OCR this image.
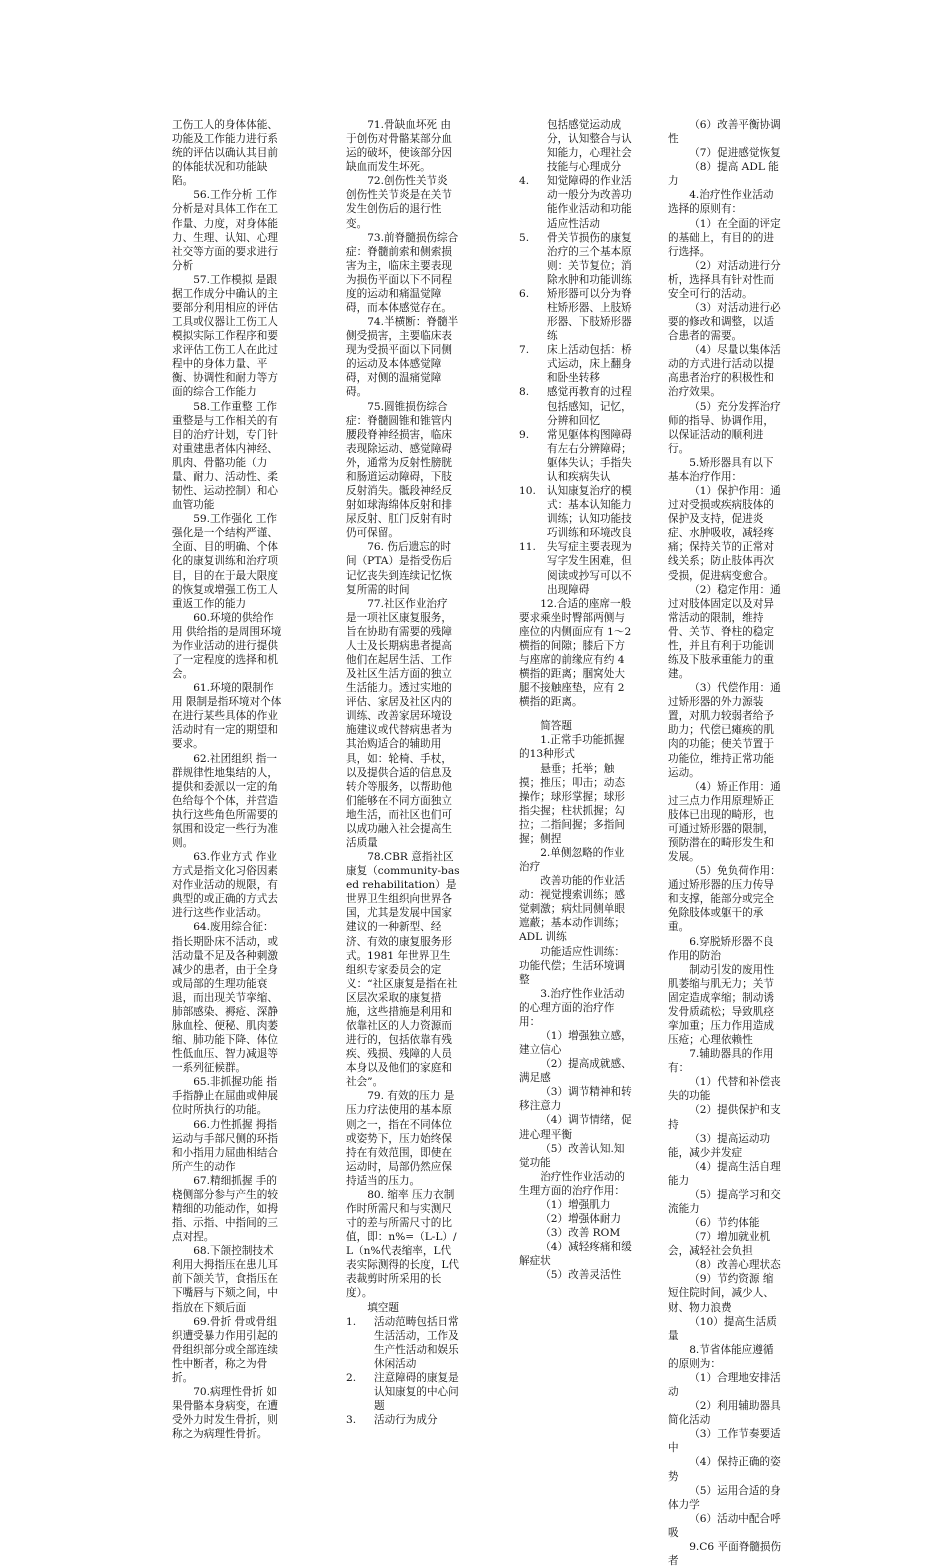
工伤工人的身体体能、功能及工作能力进行系统的评估以确认其目前的体能状况和功能缺陷。

56.工作分析 工作分析是对具体工作在工作量、力度，对身体能力、生理、认知、心理社交等方面的要求进行分析

57.工作模拟 是跟据工作成分中确认的主要部分利用相应的评估工具或仪器让工伤工人模拟实际工作程序和要求评估工伤工人在此过程中的身体力量、平衡、协调性和耐力等方面的综合工作能力

58.工作重整 工作重整是与工作相关的有目的治疗计划，专门针对重建患者体内神经、肌肉、骨骼功能（力量、耐力、活动性、柔韧性、运动控制）和心血管功能

59.工作强化 工作强化是一个结构严谨、全面、目的明确、个体化的康复训练和治疗项目，目的在于最大限度的恢复或增强工伤工人重返工作的能力

60.环境的供给作用 供给指的是周围环境为作业活动的进行提供了一定程度的选择和机会。

61.环境的限制作用 限制是指环境对个体在进行某些具体的作业活动时有一定的期望和要求。

62.社团组织 指一群规律性地集结的人，提供和委派以一定的角色给每个个体，并营造执行这些角色所需要的氛围和设定一些行为准则。

63.作业方式 作业方式是指文化习俗因素对作业活动的规限，有典型的或正确的方式去进行这些作业活动。

64.废用综合征：指长期卧床不活动，或活动量不足及各种刺激减少的患者，由于全身或局部的生理功能衰退，而出现关节挛缩、肺部感染、褥疮、深静脉血栓、便秘、肌肉萎缩、肺功能下降、体位性低血压、智力减退等一系列征候群。

65.非抓握功能 指手指静止在屈曲或伸展位时所执行的功能。

66.力性抓握 拇指运动与手部尺侧的环指和小指用力屈曲相结合所产生的动作

67.精细抓握 手的桡侧部分参与产生的较精细的功能动作，如拇指、示指、中指间的三点对捏。

68.下颌控制技术 利用大拇指压在患儿耳前下颌关节，食指压在下嘴唇与下颏之间，中指放在下颏后面

69.骨折 骨或骨组织遭受暴力作用引起的骨组织部分或全部连续性中断者，称之为骨折。

70.病理性骨折 如果骨骼本身病变，在遭受外力时发生骨折，则称之为病理性骨折。

71.骨缺血坏死 由于创伤对骨骼某部分血运的破坏，使该部分因缺血而发生坏死。

72.创伤性关节炎 创伤性关节炎是在关节发生创伤后的退行性变。

73.前脊髓损伤综合症：脊髓前索和侧索损害为主，临床主要表现为损伤平面以下不同程度的运动和痛温觉障碍，而本体感觉存在。

74.半横断：脊髓半侧受损害，主要临床表现为受损平面以下同侧的运动及本体感觉障碍，对侧的温痛觉障碍。

75.圆锥损伤综合症：脊髓圆锥和锥管内腰段脊神经损害，临床表现除运动、感觉障碍外，通常为反射性膀胱和肠道运动障碍，下肢反射消失。骶段神经反射如球海绵体反射和排尿反射、肛门反射有时仍可保留。

76. 伤后遗忘的时间（PTA）是指受伤后记忆丧失到连续记忆恢复所需的时间

77.社区作业治疗 是一项社区康复服务，旨在协助有需要的残障人士及长期病患者提高他们在起居生活、工作及社区生活方面的独立生活能力。透过实地的评估、家居及社区内的训练、改善家居环境设施建议或代替病患者为其治购适合的辅助用具，如：轮椅、手杖，以及提供合适的信息及转介等服务，以帮助他们能够在不同方面独立地生活，而社区也们可以成功融入社会提高生活质量

78.CBR 意指社区康复（community-based rehabilitation）是世界卫生组织向世界各国，尤其是发展中国家建议的一种新型、经济、有效的康复服务形式。1981 年世界卫生组织专家委员会的定义：“社区康复是指在社区层次采取的康复措施，这些措施是利用和依靠社区的人力资源而进行的，包括依靠有残疾、残损、残障的人员本身以及他们的家庭和社会”。

79. 有效的压力 是压力疗法使用的基本原则之一，指在不同体位或姿势下，压力始终保持在有效范围，即使在运动时，局部仍然应保持适当的压力。

80. 缩率 压力衣制作时所需尺和与实测尺寸的差与所需尺寸的比值，即：n%=（L-L）/L（n%代表缩率，L代表实际测得的长度，L代表裁剪时所采用的长度）。

填空题

1.	活动范畴包括日常生活活动，工作及生产性活动和娱乐休闲活动
2.	注意障碍的康复是认知康复的中心问题
3.	活动行为成分

包括感觉运动成分，认知整合与认知能力，心理社会技能与心理成分

4.	知觉障碍的作业活动一般分为改善功能作业活动和功能适应性活动
5.	骨关节损伤的康复治疗的三个基本原则：关节复位；消除水肿和功能训练
6.	矫形器可以分为脊柱矫形器、上肢矫形器、下肢矫形器练
7.	床上活动包括：桥式运动，床上翻身和卧坐转移
8.	感觉再教育的过程包括感知，记忆，分辨和回忆
9.	常见躯体构图障碍有左右分辨障碍；躯体失认；手指失认和疾病失认
10.	认知康复治疗的模式：基本认知能力训练；认知功能技巧训练和环境改良
11.	失写症主要表现为写字发生困难，但阅读或抄写可以不出现障碍

12.合适的座席一般要求乘坐时臀部两侧与座位的内侧面应有 1～2 横指的间隙；膝后下方与座席的前缘应有约 4 横指的距离；腘窝处大腿不接触座垫，应有 2 横指的距离。

简答题

1.正常手功能抓握的13种形式

悬垂；托举；触摸；推压；叩击；动态操作；球形掌握；球形指尖握；柱状抓握；勾拉；二指间握；多指间握；侧捏

2.单侧忽略的作业治疗

改善功能的作业活动：视觉搜索训练；感觉刺激；病灶同侧单眼遮蔽；基本动作训练；ADL 训练

功能适应性训练：功能代偿；生活环境调整

3.治疗性作业活动的心理方面的治疗作用：

（1）增强独立感，建立信心

（2）提高成就感、满足感

（3）调节精神和转移注意力

（4）调节情绪，促进心理平衡

（5）改善认知.知觉功能

治疗性作业活动的生理方面的治疗作用：

（1）增强肌力

（2）增强体耐力

（3）改善 ROM

（4）减轻疼痛和缓解症状

（5）改善灵活性

（6）改善平衡协调性

（7）促进感觉恢复

（8）提高 ADL 能力

4.治疗性作业活动选择的原则有：

（1）在全面的评定的基础上，有目的的进行选择。

（2）对活动进行分析，选择具有针对性而安全可行的活动。

（3）对活动进行必要的修改和调整，以适合患者的需要。

（4）尽量以集体活动的方式进行活动以提高患者治疗的积极性和治疗效果。

（5）充分发挥治疗师的指导、协调作用，以保证活动的顺利进行。

5.矫形器具有以下基本治疗作用：

（1）保护作用：通过对受损或疾病肢体的保护及支持，促进炎症、水肿吸收，减轻疼痛；保持关节的正常对线关系；防止肢体再次受损，促进病变愈合。

（2）稳定作用：通过对肢体固定以及对异常活动的限制，维持骨、关节、脊柱的稳定性，并且有利于功能训练及下肢承重能力的重建。

（3）代偿作用：通过矫形器的外力源装置，对肌力较弱者给予助力；代偿已瘫痪的肌肉的功能；使关节置于功能位，维持正常功能运动。

（4）矫正作用：通过三点力作用原理矫正肢体已出现的畸形，也可通过矫形器的限制，预防潜在的畸形发生和发展。

（5）免负荷作用：通过矫形器的压力传导和支撑，能部分或完全免除肢体或躯干的承重。

6.穿脱矫形器不良作用的防治

制动引发的废用性肌萎缩与肌无力；关节固定造成挛缩；制动诱发骨质疏松；导致肌痉挛加重；压力作用造成压疮；心理依赖性

7.辅助器具的作用有：

（1）代替和补偿丧失的功能

（2）提供保护和支持

（3）提高运动功能，减少并发症

（4）提高生活自理能力

（5）提高学习和交流能力

（6）节约体能

（7）增加就业机会，减轻社会负担

（8）改善心理状态

（9）节约资源 缩短住院时间，减少人、财、物力浪费

（10）提高生活质量

8.节省体能应遵循的原则为：

（1）合理地安排活动

（2）利用辅助器具简化活动

（3）工作节奏要适中

（4）保持正确的姿势

（5）运用合适的身体力学

（6）活动中配合呼吸

9.C6 平面脊髓损伤者
